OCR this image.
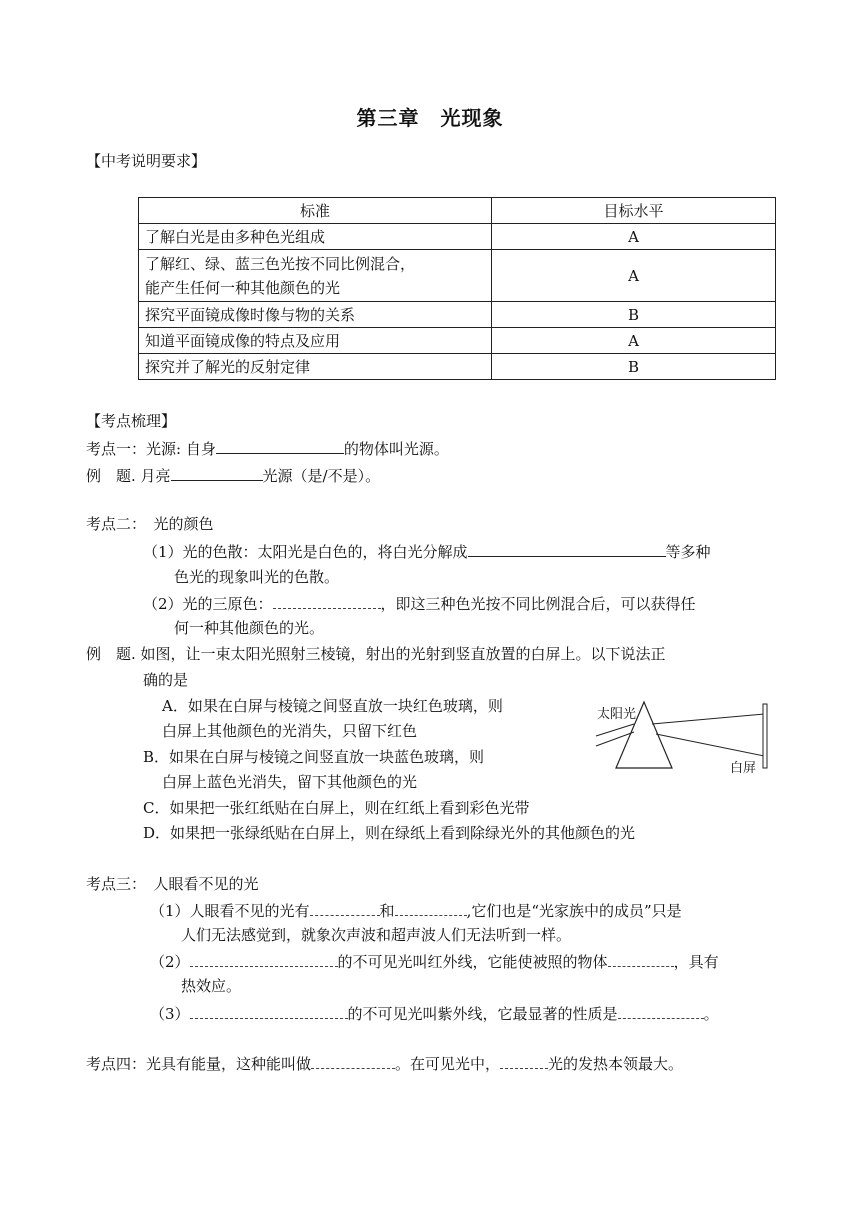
第三章　光现象
【中考说明要求】
标准	目标水平
了解白光是由多种色光组成	A
了解红、绿、蓝三色光按不同比例混合，
能产生任何一种其他颜色的光	A
探究平面镜成像时像与物的关系	B
知道平面镜成像的特点及应用	A
探究并了解光的反射定律	B
【考点梳理】
考点一：光源: 自身	的物体叫光源。
例　题. 月亮	光源（是/不是）。
考点二：　光的颜色
（1）光的色散：太阳光是白色的，将白光分解成	等多种
色光的现象叫光的色散。
（2）光的三原色：	，即这三种色光按不同比例混合后，可以获得任
何一种其他颜色的光。
例　题. 如图，让一束太阳光照射三棱镜，射出的光射到竖直放置的白屏上。以下说法正
确的是
A．如果在白屏与棱镜之间竖直放一块红色玻璃，则
白屏上其他颜色的光消失，只留下红色
B．如果在白屏与棱镜之间竖直放一块蓝色玻璃，则
白屏上蓝色光消失，留下其他颜色的光
C．如果把一张红纸贴在白屏上，则在红纸上看到彩色光带
D．如果把一张绿纸贴在白屏上，则在绿纸上看到除绿光外的其他颜色的光
太阳光
白屏
考点三：　人眼看不见的光
（1）人眼看不见的光有	和	,它们也是“光家族中的成员”只是
人们无法感觉到，就象次声波和超声波人们无法听到一样。
（2）	的不可见光叫红外线，它能使被照的物体	，具有
热效应。
（3）	的不可见光叫紫外线，它最显著的性质是	。
考点四：光具有能量，这种能叫做	。在可见光中，	光的发热本领最大。
